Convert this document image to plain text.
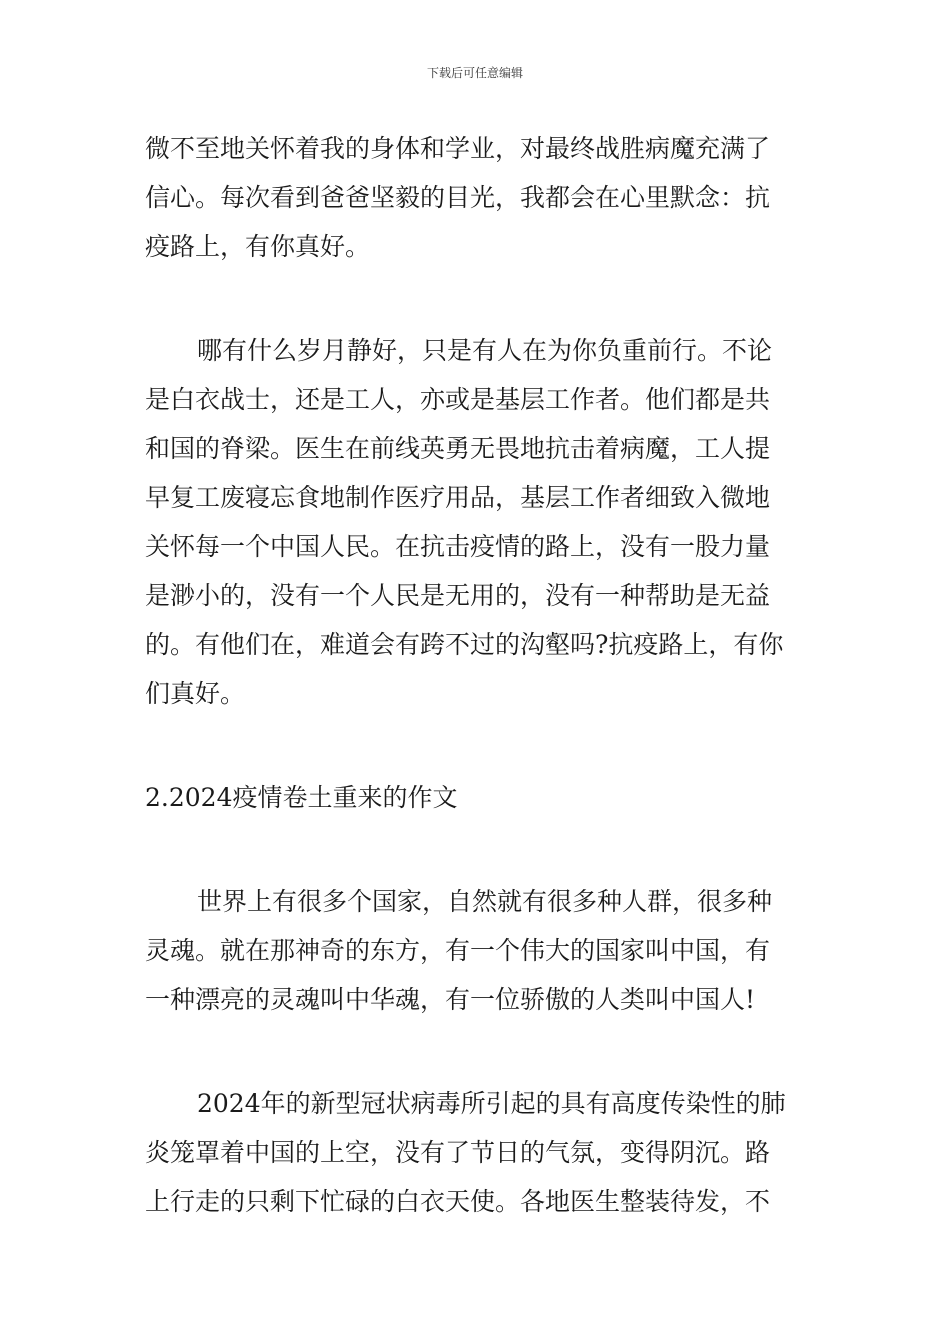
下载后可任意编辑
微不至地关怀着我的身体和学业，对最终战胜病魔充满了
信心。每次看到爸爸坚毅的目光，我都会在心里默念：抗
疫路上，有你真好。
哪有什么岁月静好，只是有人在为你负重前行。不论
是白衣战士，还是工人，亦或是基层工作者。他们都是共
和国的脊梁。医生在前线英勇无畏地抗击着病魔，工人提
早复工废寝忘食地制作医疗用品，基层工作者细致入微地
关怀每一个中国人民。在抗击疫情的路上，没有一股力量
是渺小的，没有一个人民是无用的，没有一种帮助是无益
的。有他们在，难道会有跨不过的沟壑吗?抗疫路上，有你
们真好。
2.2024疫情卷土重来的作文
世界上有很多个国家，自然就有很多种人群，很多种
灵魂。就在那神奇的东方，有一个伟大的国家叫中国，有
一种漂亮的灵魂叫中华魂，有一位骄傲的人类叫中国人!
2024年的新型冠状病毒所引起的具有高度传染性的肺
炎笼罩着中国的上空，没有了节日的气氛，变得阴沉。路
上行走的只剩下忙碌的白衣天使。各地医生整装待发，不
